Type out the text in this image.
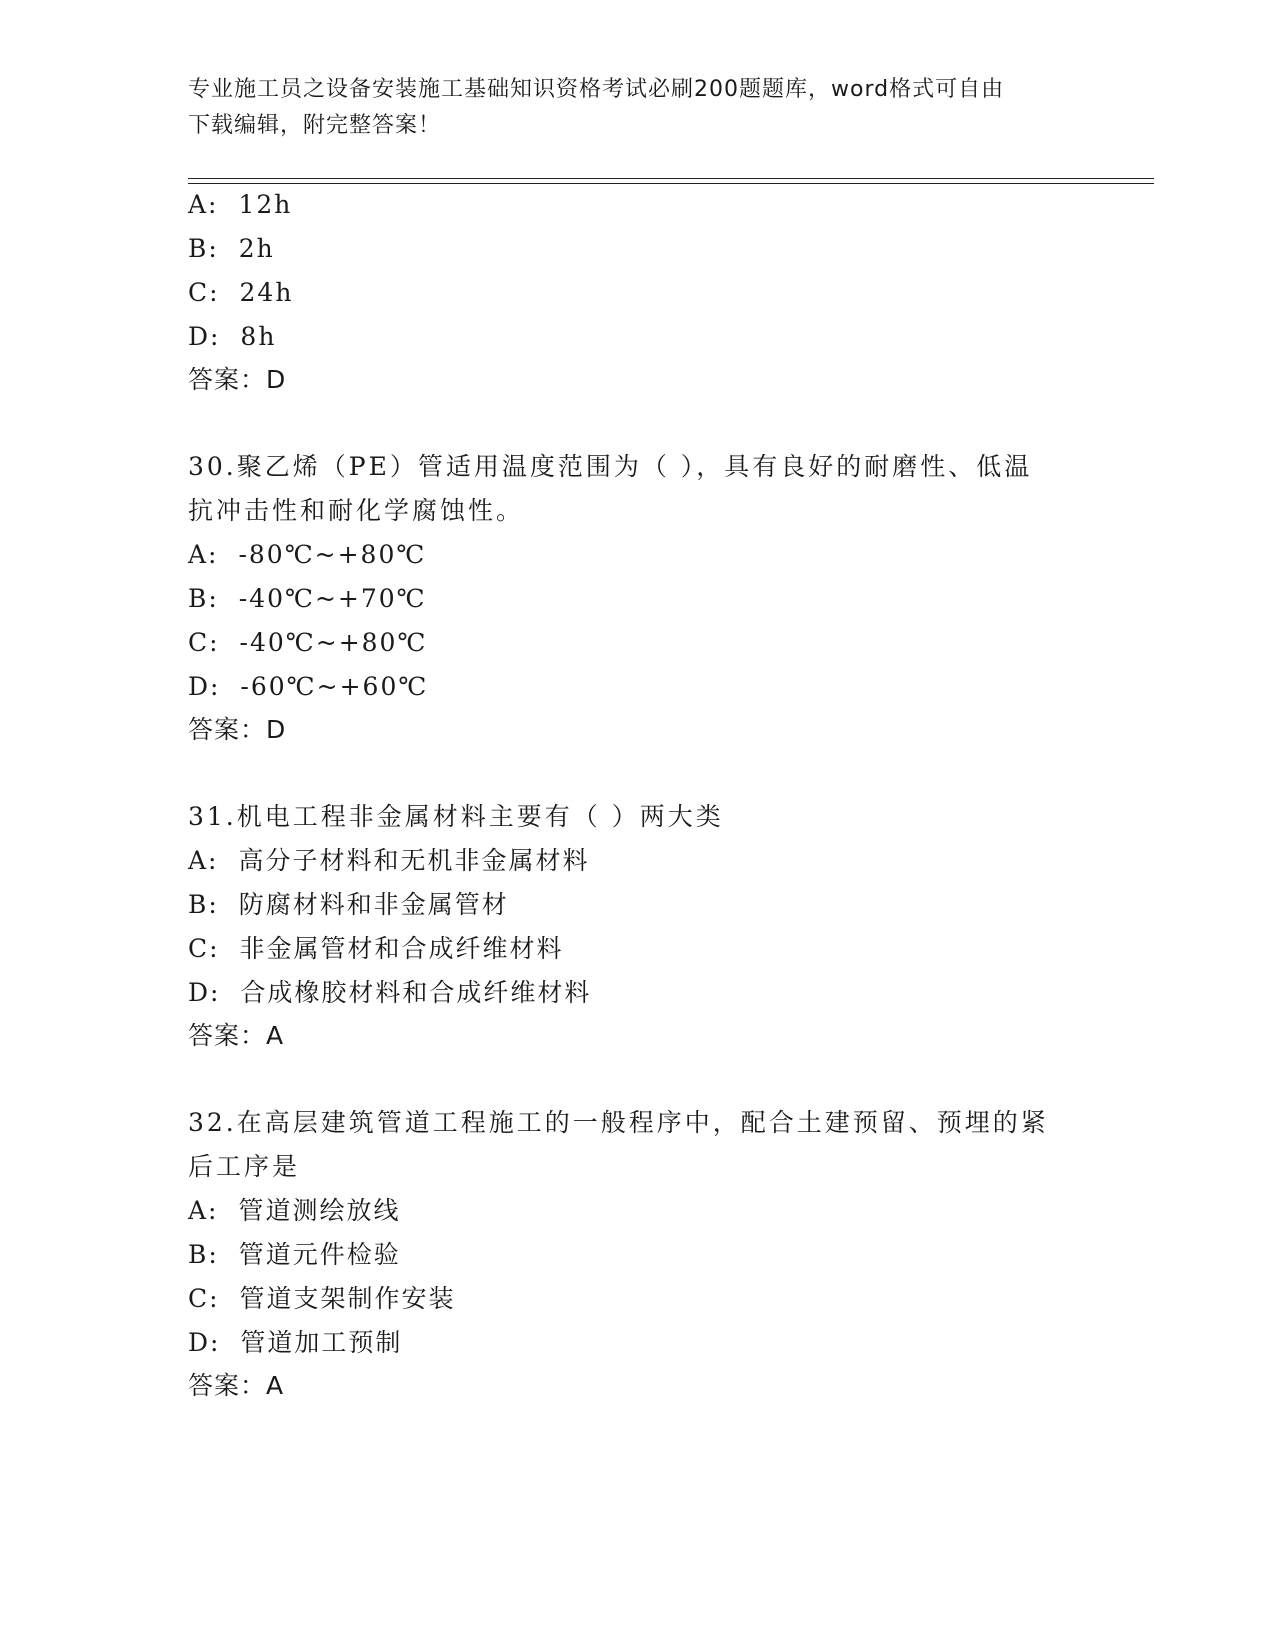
专业施工员之设备安装施工基础知识资格考试必刷200题题库，word格式可自由
下载编辑，附完整答案！
A: 12h
B: 2h
C: 24h
D: 8h
答案：D
30.聚乙烯（PE）管适用温度范围为（ ），具有良好的耐磨性、低温
抗冲击性和耐化学腐蚀性。
A: -80℃~+80℃
B: -40℃~+70℃
C: -40℃~+80℃
D: -60℃~+60℃
答案：D
31.机电工程非金属材料主要有（ ）两大类
A: 高分子材料和无机非金属材料
B: 防腐材料和非金属管材
C: 非金属管材和合成纤维材料
D: 合成橡胶材料和合成纤维材料
答案：A
32.在高层建筑管道工程施工的一般程序中，配合土建预留、预埋的紧
后工序是
A: 管道测绘放线
B: 管道元件检验
C: 管道支架制作安装
D: 管道加工预制
答案：A
